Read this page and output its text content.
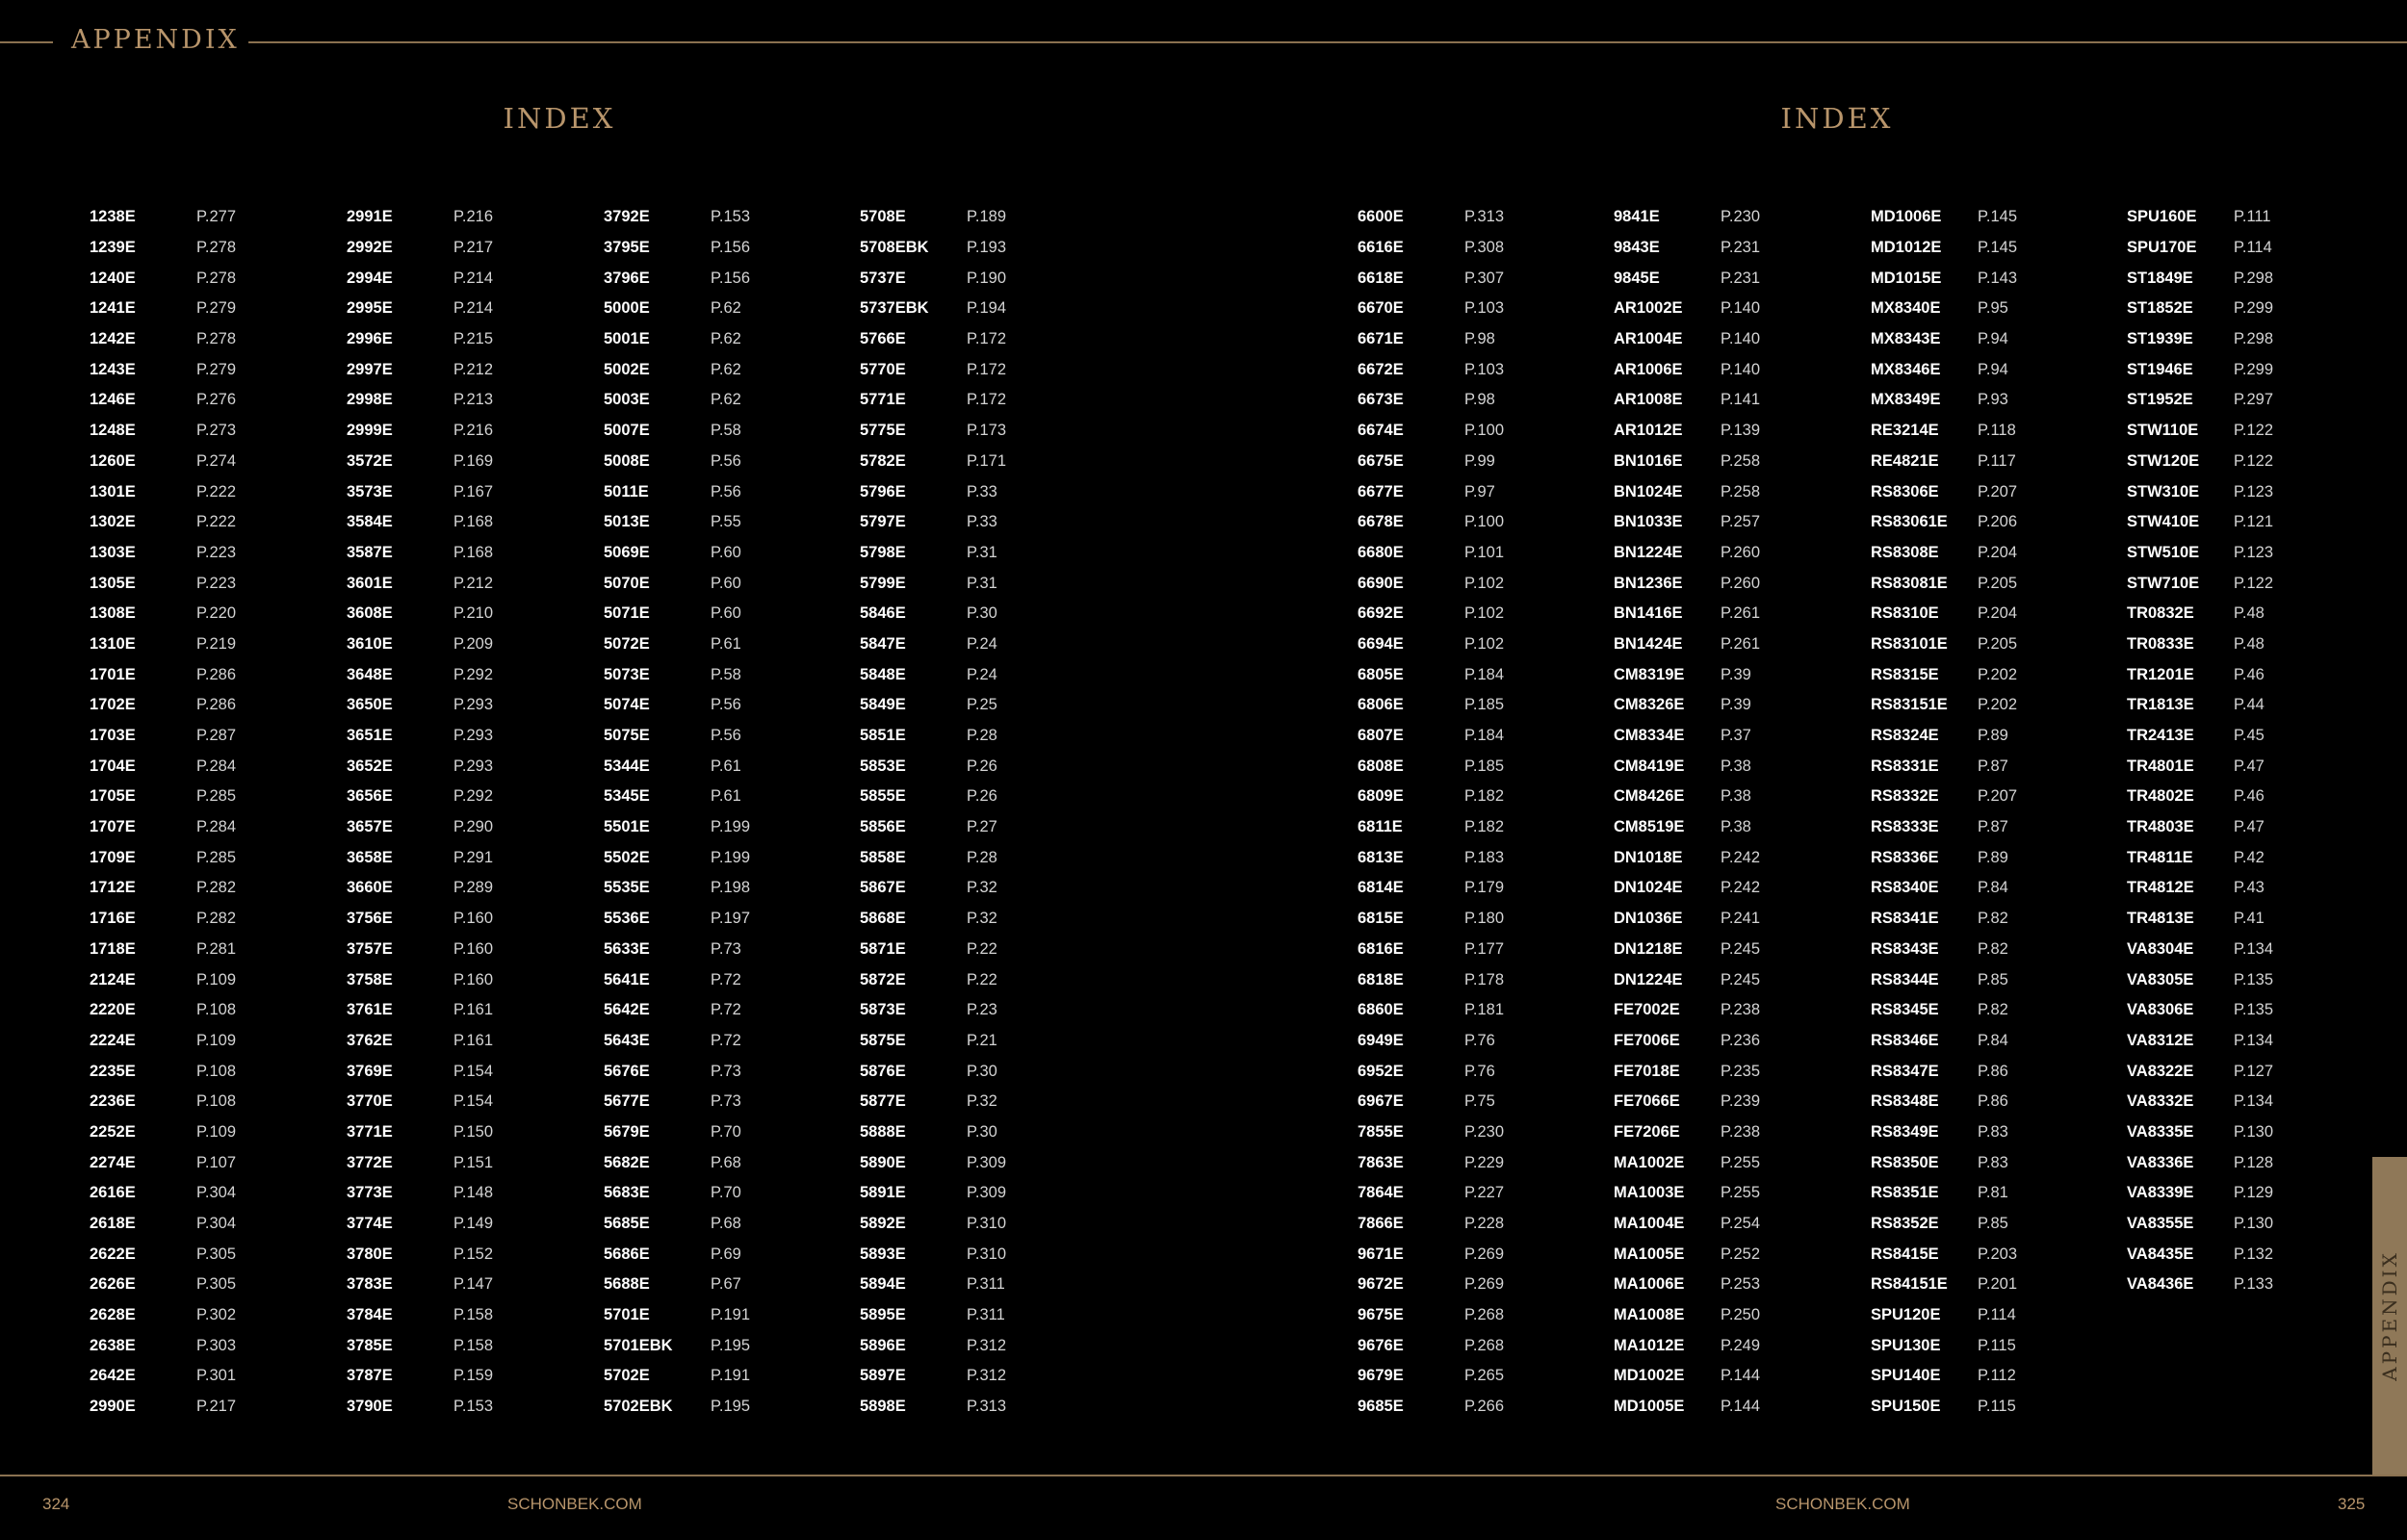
APPENDIX
INDEX	INDEX
1238E	P.277
1239E	P.278
1240E	P.278
1241E	P.279
1242E	P.278
1243E	P.279
1246E	P.276
1248E	P.273
1260E	P.274
1301E	P.222
1302E	P.222
1303E	P.223
1305E	P.223
1308E	P.220
1310E	P.219
1701E	P.286
1702E	P.286
1703E	P.287
1704E	P.284
1705E	P.285
1707E	P.284
1709E	P.285
1712E	P.282
1716E	P.282
1718E	P.281
2124E	P.109
2220E	P.108
2224E	P.109
2235E	P.108
2236E	P.108
2252E	P.109
2274E	P.107
2616E	P.304
2618E	P.304
2622E	P.305
2626E	P.305
2628E	P.302
2638E	P.303
2642E	P.301
2990E	P.217
2991E	P.216
2992E	P.217
2994E	P.214
2995E	P.214
2996E	P.215
2997E	P.212
2998E	P.213
2999E	P.216
3572E	P.169
3573E	P.167
3584E	P.168
3587E	P.168
3601E	P.212
3608E	P.210
3610E	P.209
3648E	P.292
3650E	P.293
3651E	P.293
3652E	P.293
3656E	P.292
3657E	P.290
3658E	P.291
3660E	P.289
3756E	P.160
3757E	P.160
3758E	P.160
3761E	P.161
3762E	P.161
3769E	P.154
3770E	P.154
3771E	P.150
3772E	P.151
3773E	P.148
3774E	P.149
3780E	P.152
3783E	P.147
3784E	P.158
3785E	P.158
3787E	P.159
3790E	P.153
3792E	P.153
3795E	P.156
3796E	P.156
5000E	P.62
5001E	P.62
5002E	P.62
5003E	P.62
5007E	P.58
5008E	P.56
5011E	P.56
5013E	P.55
5069E	P.60
5070E	P.60
5071E	P.60
5072E	P.61
5073E	P.58
5074E	P.56
5075E	P.56
5344E	P.61
5345E	P.61
5501E	P.199
5502E	P.199
5535E	P.198
5536E	P.197
5633E	P.73
5641E	P.72
5642E	P.72
5643E	P.72
5676E	P.73
5677E	P.73
5679E	P.70
5682E	P.68
5683E	P.70
5685E	P.68
5686E	P.69
5688E	P.67
5701E	P.191
5701EBK	P.195
5702E	P.191
5702EBK	P.195
5708E	P.189
5708EBK	P.193
5737E	P.190
5737EBK	P.194
5766E	P.172
5770E	P.172
5771E	P.172
5775E	P.173
5782E	P.171
5796E	P.33
5797E	P.33
5798E	P.31
5799E	P.31
5846E	P.30
5847E	P.24
5848E	P.24
5849E	P.25
5851E	P.28
5853E	P.26
5855E	P.26
5856E	P.27
5858E	P.28
5867E	P.32
5868E	P.32
5871E	P.22
5872E	P.22
5873E	P.23
5875E	P.21
5876E	P.30
5877E	P.32
5888E	P.30
5890E	P.309
5891E	P.309
5892E	P.310
5893E	P.310
5894E	P.311
5895E	P.311
5896E	P.312
5897E	P.312
5898E	P.313
6600E	P.313
6616E	P.308
6618E	P.307
6670E	P.103
6671E	P.98
6672E	P.103
6673E	P.98
6674E	P.100
6675E	P.99
6677E	P.97
6678E	P.100
6680E	P.101
6690E	P.102
6692E	P.102
6694E	P.102
6805E	P.184
6806E	P.185
6807E	P.184
6808E	P.185
6809E	P.182
6811E	P.182
6813E	P.183
6814E	P.179
6815E	P.180
6816E	P.177
6818E	P.178
6860E	P.181
6949E	P.76
6952E	P.76
6967E	P.75
7855E	P.230
7863E	P.229
7864E	P.227
7866E	P.228
9671E	P.269
9672E	P.269
9675E	P.268
9676E	P.268
9679E	P.265
9685E	P.266
9841E	P.230
9843E	P.231
9845E	P.231
AR1002E	P.140
AR1004E	P.140
AR1006E	P.140
AR1008E	P.141
AR1012E	P.139
BN1016E	P.258
BN1024E	P.258
BN1033E	P.257
BN1224E	P.260
BN1236E	P.260
BN1416E	P.261
BN1424E	P.261
CM8319E	P.39
CM8326E	P.39
CM8334E	P.37
CM8419E	P.38
CM8426E	P.38
CM8519E	P.38
DN1018E	P.242
DN1024E	P.242
DN1036E	P.241
DN1218E	P.245
DN1224E	P.245
FE7002E	P.238
FE7006E	P.236
FE7018E	P.235
FE7066E	P.239
FE7206E	P.238
MA1002E	P.255
MA1003E	P.255
MA1004E	P.254
MA1005E	P.252
MA1006E	P.253
MA1008E	P.250
MA1012E	P.249
MD1002E	P.144
MD1005E	P.144
MD1006E	P.145
MD1012E	P.145
MD1015E	P.143
MX8340E	P.95
MX8343E	P.94
MX8346E	P.94
MX8349E	P.93
RE3214E	P.118
RE4821E	P.117
RS8306E	P.207
RS83061E	P.206
RS8308E	P.204
RS83081E	P.205
RS8310E	P.204
RS83101E	P.205
RS8315E	P.202
RS83151E	P.202
RS8324E	P.89
RS8331E	P.87
RS8332E	P.207
RS8333E	P.87
RS8336E	P.89
RS8340E	P.84
RS8341E	P.82
RS8343E	P.82
RS8344E	P.85
RS8345E	P.82
RS8346E	P.84
RS8347E	P.86
RS8348E	P.86
RS8349E	P.83
RS8350E	P.83
RS8351E	P.81
RS8352E	P.85
RS8415E	P.203
RS84151E	P.201
SPU120E	P.114
SPU130E	P.115
SPU140E	P.112
SPU150E	P.115
SPU160E	P.111
SPU170E	P.114
ST1849E	P.298
ST1852E	P.299
ST1939E	P.298
ST1946E	P.299
ST1952E	P.297
STW110E	P.122
STW120E	P.122
STW310E	P.123
STW410E	P.121
STW510E	P.123
STW710E	P.122
TR0832E	P.48
TR0833E	P.48
TR1201E	P.46
TR1813E	P.44
TR2413E	P.45
TR4801E	P.47
TR4802E	P.46
TR4803E	P.47
TR4811E	P.42
TR4812E	P.43
TR4813E	P.41
VA8304E	P.134
VA8305E	P.135
VA8306E	P.135
VA8312E	P.134
VA8322E	P.127
VA8332E	P.134
VA8335E	P.130
VA8336E	P.128
VA8339E	P.129
VA8355E	P.130
VA8435E	P.132
VA8436E	P.133
324	SCHONBEK.COM	SCHONBEK.COM	325
APPENDIX
